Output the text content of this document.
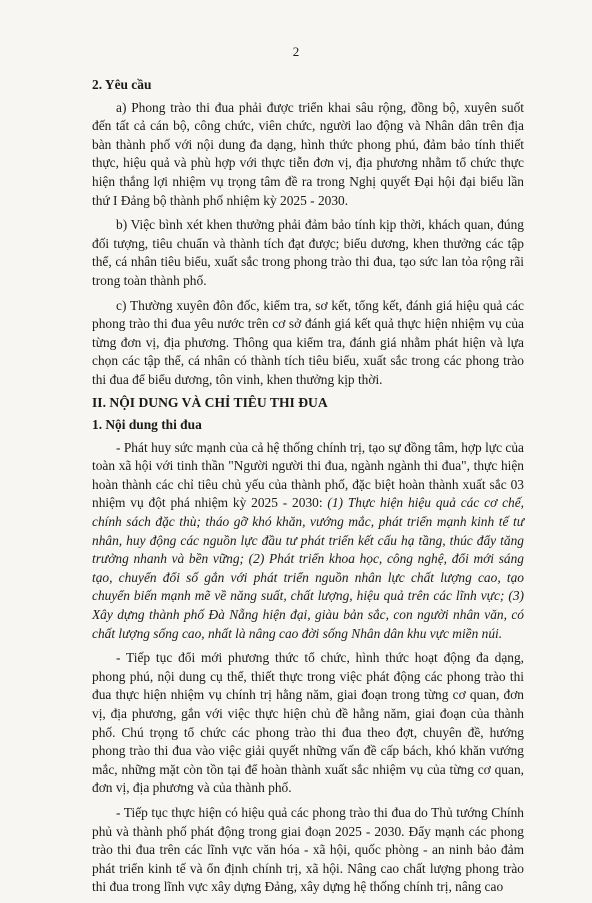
2
2. Yêu cầu

a) Phong trào thi đua phải được triển khai sâu rộng, đồng bộ, xuyên suốt đến tất cả cán bộ, công chức, viên chức, người lao động và Nhân dân trên địa bàn thành phố với nội dung đa dạng, hình thức phong phú, đảm bảo tính thiết thực, hiệu quả và phù hợp với thực tiễn đơn vị, địa phương nhằm tổ chức thực hiện thắng lợi nhiệm vụ trọng tâm đề ra trong Nghị quyết Đại hội đại biểu lần thứ I Đảng bộ thành phố nhiệm kỳ 2025 - 2030.

b) Việc bình xét khen thưởng phải đảm bảo tính kịp thời, khách quan, đúng đối tượng, tiêu chuẩn và thành tích đạt được; biểu dương, khen thưởng các tập thể, cá nhân tiêu biểu, xuất sắc trong phong trào thi đua, tạo sức lan tỏa rộng rãi trong toàn thành phố.

c) Thường xuyên đôn đốc, kiểm tra, sơ kết, tổng kết, đánh giá hiệu quả các phong trào thi đua yêu nước trên cơ sở đánh giá kết quả thực hiện nhiệm vụ của từng đơn vị, địa phương. Thông qua kiểm tra, đánh giá nhằm phát hiện và lựa chọn các tập thể, cá nhân có thành tích tiêu biểu, xuất sắc trong các phong trào thi đua để biểu dương, tôn vinh, khen thưởng kịp thời.

II. NỘI DUNG VÀ CHỈ TIÊU THI ĐUA
1. Nội dung thi đua

- Phát huy sức mạnh của cả hệ thống chính trị, tạo sự đồng tâm, hợp lực của toàn xã hội với tinh thần "Người người thi đua, ngành ngành thi đua", thực hiện hoàn thành các chỉ tiêu chủ yếu của thành phố, đặc biệt hoàn thành xuất sắc 03 nhiệm vụ đột phá nhiệm kỳ 2025 - 2030: (1) Thực hiện hiệu quả các cơ chế, chính sách đặc thù; tháo gỡ khó khăn, vướng mắc, phát triển mạnh kinh tế tư nhân, huy động các nguồn lực đầu tư phát triển kết cấu hạ tầng, thúc đẩy tăng trưởng nhanh và bền vững; (2) Phát triển khoa học, công nghệ, đổi mới sáng tạo, chuyển đổi số gắn với phát triển nguồn nhân lực chất lượng cao, tạo chuyển biến mạnh mẽ về năng suất, chất lượng, hiệu quả trên các lĩnh vực; (3) Xây dựng thành phố Đà Nẵng hiện đại, giàu bản sắc, con người nhân văn, có chất lượng sống cao, nhất là nâng cao đời sống Nhân dân khu vực miền núi.

- Tiếp tục đổi mới phương thức tổ chức, hình thức hoạt động đa dạng, phong phú, nội dung cụ thể, thiết thực trong việc phát động các phong trào thi đua thực hiện nhiệm vụ chính trị hằng năm, giai đoạn trong từng cơ quan, đơn vị, địa phương, gắn với việc thực hiện chủ đề hằng năm, giai đoạn của thành phố. Chú trọng tổ chức các phong trào thi đua theo đợt, chuyên đề, hướng phong trào thi đua vào việc giải quyết những vấn đề cấp bách, khó khăn vướng mắc, những mặt còn tồn tại để hoàn thành xuất sắc nhiệm vụ của từng cơ quan, đơn vị, địa phương và của thành phố.

- Tiếp tục thực hiện có hiệu quả các phong trào thi đua do Thủ tướng Chính phủ và thành phố phát động trong giai đoạn 2025 - 2030. Đẩy mạnh các phong trào thi đua trên các lĩnh vực văn hóa - xã hội, quốc phòng - an ninh bảo đảm phát triển kinh tế và ổn định chính trị, xã hội. Nâng cao chất lượng phong trào thi đua trong lĩnh vực xây dựng Đảng, xây dựng hệ thống chính trị, nâng cao
